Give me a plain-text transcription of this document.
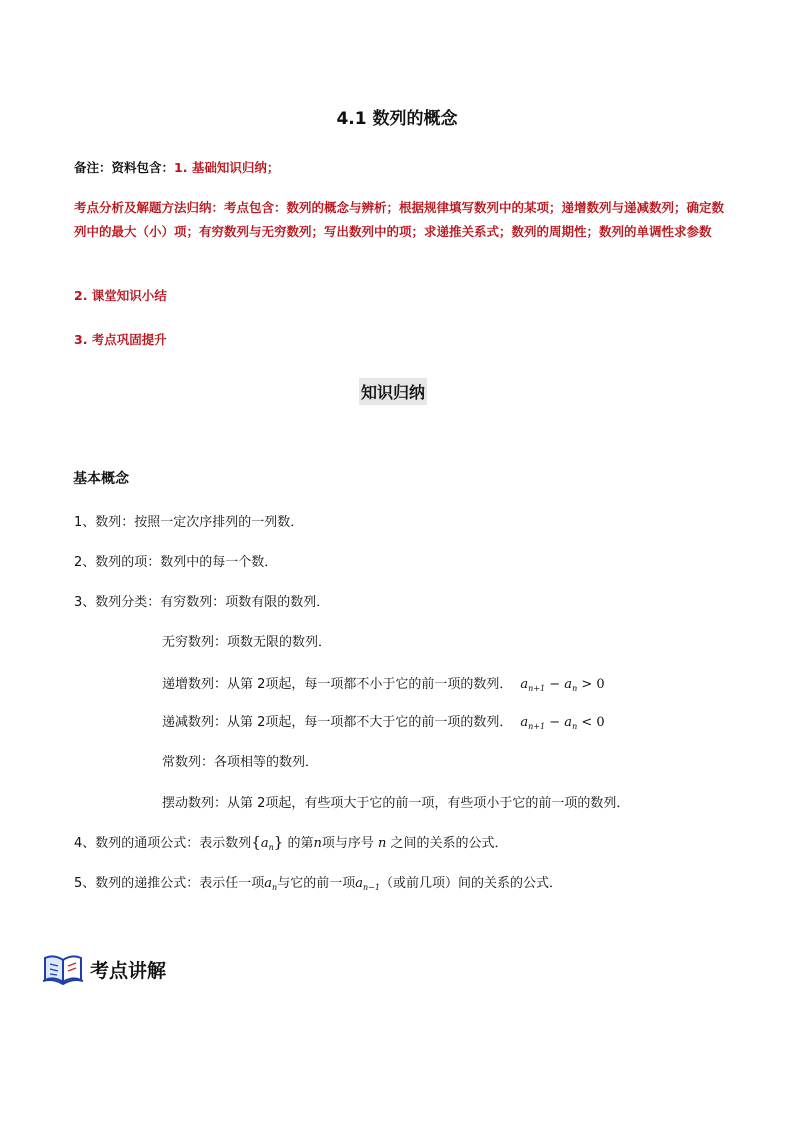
4.1 数列的概念
备注：资料包含：1. 基础知识归纳；
考点分析及解题方法归纳：考点包含：数列的概念与辨析；根据规律填写数列中的某项；递增数列与递减数列；确定数列中的最大（小）项；有穷数列与无穷数列；写出数列中的项；求递推关系式；数列的周期性；数列的单调性求参数
2. 课堂知识小结
3. 考点巩固提升
知识归纳
基本概念
1、数列：按照一定次序排列的一列数．
2、数列的项：数列中的每一个数．
3、数列分类：有穷数列：项数有限的数列．
无穷数列：项数无限的数列．
递增数列：从第 2项起，每一项都不小于它的前一项的数列． $a_{n+1} - a_n > 0$
递减数列：从第 2项起，每一项都不大于它的前一项的数列． $a_{n+1} - a_n < 0$
常数列：各项相等的数列．
摆动数列：从第 2项起，有些项大于它的前一项，有些项小于它的前一项的数列．
4、数列的通项公式：表示数列$\{a_n\}$ 的第n项与序号 n 之间的关系的公式．
5、数列的递推公式：表示任一项$a_n$与它的前一项$a_{n-1}$（或前几项）间的关系的公式．
考点讲解
